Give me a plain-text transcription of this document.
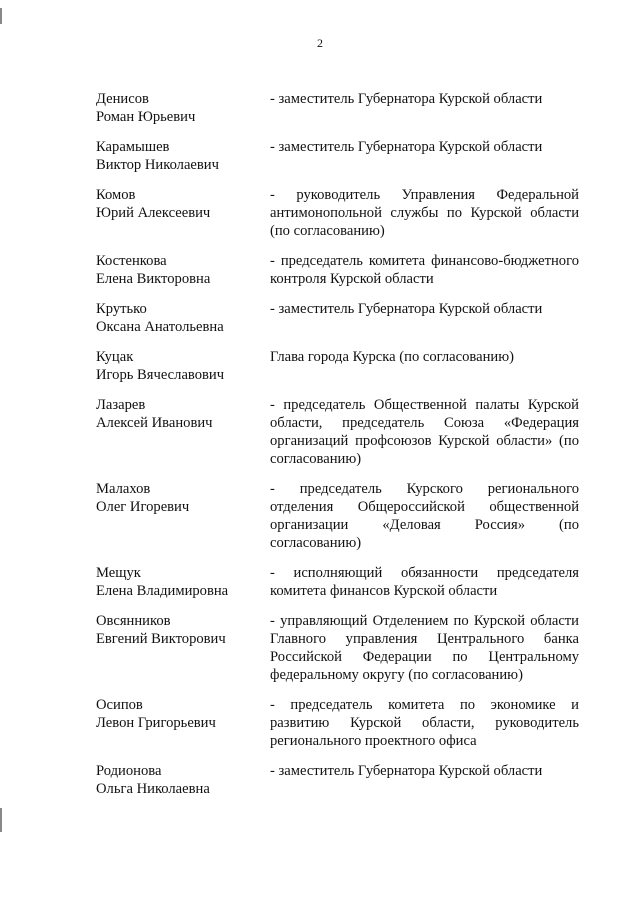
2
Денисов
Роман Юрьевич
- заместитель Губернатора Курской области
Карамышев
Виктор Николаевич
- заместитель Губернатора Курской области
Комов
Юрий Алексеевич
- руководитель Управления Федеральной антимонопольной службы по Курской области (по согласованию)
Костенкова
Елена Викторовна
- председатель комитета финансово-бюджетного контроля Курской области
Крутько
Оксана Анатольевна
- заместитель Губернатора Курской области
Куцак
Игорь Вячеславович
Глава города Курска (по согласованию)
Лазарев
Алексей Иванович
- председатель Общественной палаты Курской области, председатель Союза «Федерация организаций профсоюзов Курской области» (по согласованию)
Малахов
Олег Игоревич
- председатель Курского регионального отделения Общероссийской общественной организации «Деловая Россия» (по согласованию)
Мещук
Елена Владимировна
- исполняющий обязанности председателя комитета финансов Курской области
Овсянников
Евгений Викторович
- управляющий Отделением по Курской области Главного управления Центрального банка Российской Федерации по Центральному федеральному округу (по согласованию)
Осипов
Левон Григорьевич
- председатель комитета по экономике и развитию Курской области, руководитель регионального проектного офиса
Родионова
Ольга Николаевна
- заместитель Губернатора Курской области
